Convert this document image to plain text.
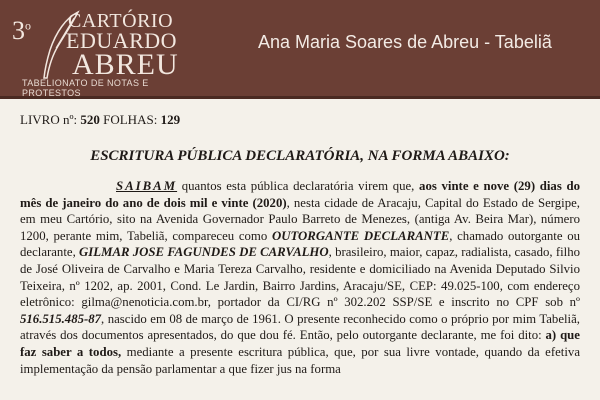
3$^o$ CARTÓRIO
EDUARDO
ABREU
TABELIONATO DE NOTAS E PROTESTOS
Ana Maria Soares de Abreu - Tabeliã
LIVRO nº: 520 FOLHAS: 129
ESCRITURA PÚBLICA DECLARATÓRIA, NA FORMA ABAIXO:

SAIBAM quantos esta pública declaratória virem que, aos vinte e nove (29) dias do mês de janeiro do ano de dois mil e vinte (2020), nesta cidade de Aracaju, Capital do Estado de Sergipe, em meu Cartório, sito na Avenida Governador Paulo Barreto de Menezes, (antiga Av. Beira Mar), número 1200, perante mim, Tabeliã, compareceu como OUTORGANTE DECLARANTE, chamado outorgante ou declarante, GILMAR JOSE FAGUNDES DE CARVALHO, brasileiro, maior, capaz, radialista, casado, filho de José Oliveira de Carvalho e Maria Tereza Carvalho, residente e domiciliado na Avenida Deputado Silvio Teixeira, nº 1202, ap. 2001, Cond. Le Jardin, Bairro Jardins, Aracaju/SE, CEP: 49.025-100, com endereço eletrônico: gilma@nenoticia.com.br, portador da CI/RG nº 302.202 SSP/SE e inscrito no CPF sob nº 516.515.485-87, nascido em 08 de março de 1961. O presente reconhecido como o próprio por mim Tabeliã, através dos documentos apresentados, do que dou fé. Então, pelo outorgante declarante, me foi dito: a) que faz saber a todos, mediante a presente escritura pública, que, por sua livre vontade, quando da efetiva implementação da pensão parlamentar a que fizer jus na forma
